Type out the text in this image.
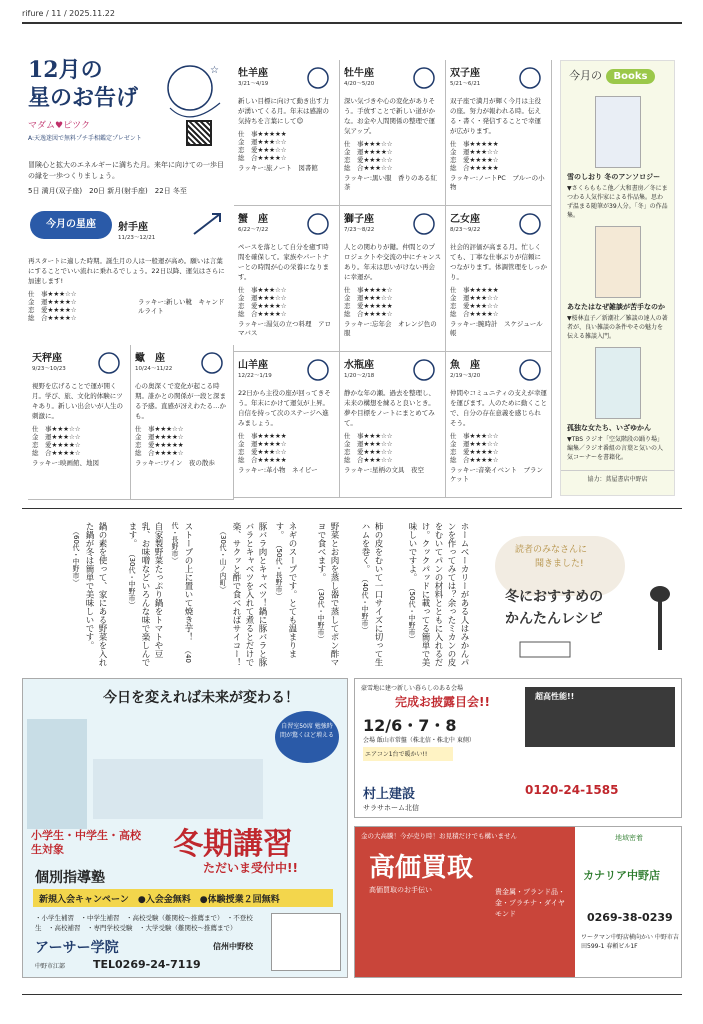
rifure / 11 / 2025.11.22
12月の
星のお告げ
マダム♥ピツク
A:天逸迷図で無料プチ手相鑑定プレゼント
☆
冒険心と拡大のエネルギーに満ちた月。来年に向けての一歩目の縁を一歩つくりましょう。
5日 満月(双子座)　20日 新月(射手座)　22日 冬至
今月の星座	射手座
11/23〜12/21
再スタートに適した時期。誕生月の人は一般運が高め。願いは言葉にすることでいい流れに乗れるでしょう。22日以降、運気はさらに加速します!
仕　事★★★☆☆
金　運★★★★☆
恋　愛★★★★☆
総　合★★★★☆
ラッキー:新しい靴　キャンドルライト
牡羊座
3/21〜4/19
新しい目標に向けて動き出す力が湧いてくる月。年末は感謝の気持ちを言葉にして☺
仕　事★★★★★
金　運★★★☆☆
恋　愛★★★☆☆
総　合★★★★☆
ラッキー:旅ノート　図書館
牡牛座
4/20〜5/20
深い気づきや心の変化がありそう。手放すことで新しい道がかな。お金や人間関係の整理で運気アップ。
仕　事★★★☆☆
金　運★★★★☆
恋　愛★★★☆☆
総　合★★★☆☆
ラッキー:黒い服　香りのある紅茶
双子座
5/21〜6/21
双子座で満月が輝く今月は主役の座。努力が報われる時。伝える・書く・発信することで幸運が広がります。
仕　事★★★★★
金　運★★★☆☆
恋　愛★★★★☆
総　合★★★★★
ラッキー:ノートPC　ブルーの小物
蟹　座
6/22〜7/22
ペースを落として自分を癒す時間を確保して。家族やパートナーとの時間が心の栄養になります。
仕　事★★★☆☆
金　運★★★☆☆
恋　愛★★★★☆
総　合★★★★☆
ラッキー:湯気の立つ料理　アロマバス
獅子座
7/23〜8/22
人との関わりが鍵。仲間とのプロジェクトや交流の中にチャンスあり。年末は思いがけない再会に幸運が。
仕　事★★★★☆
金　運★★★☆☆
恋　愛★★★★★
総　合★★★★☆
ラッキー:忘年会　オレンジ色の服
乙女座
8/23〜9/22
社会的評価が高まる月。忙しくても、丁寧な仕事ぶりが信頼につながります。体調管理をしっかり。
仕　事★★★★★
金　運★★★☆☆
恋　愛★★★☆☆
総　合★★★★☆
ラッキー:腕時計　スケジュール帳
山羊座
12/22〜1/19
22日から主役の座が回ってきそう。年末にかけて運気が上昇。自信を持って次のステージへ進みましょう。
仕　事★★★★★
金　運★★★★☆
恋　愛★★★☆☆
総　合★★★★★
ラッキー:革小物　ネイビー
水瓶座
1/20〜2/18
静かな年の瀬。過去を整理し、未来の構想を練ると良いとき。夢や目標をノートにまとめてみて。
仕　事★★★☆☆
金　運★★★☆☆
恋　愛★★★☆☆
総　合★★★☆☆
ラッキー:星柄の文具　夜空
魚　座
2/19〜3/20
仲間やコミュニティの支えが幸運を運びます。人のために動くことで、自分の存在意義を感じられそう。
仕　事★★★☆☆
金　運★★★☆☆
恋　愛★★★★☆
総　合★★★★☆
ラッキー:音楽イベント　ブランケット
天秤座
9/23〜10/23
視野を広げることで運が開く月。学び、旅、文化的体験にツキあり。新しい出会いが人生の刺激に。
仕　事★★★☆☆
金　運★★★☆☆
恋　愛★★★★☆
総　合★★★★☆
ラッキー:映画館、地図
蠍　座
10/24〜11/22
心の奥深くで変化が起こる時期。誰かとの関係が一段と深まる予感。直感が冴えわたる…かも。
仕　事★★★☆☆
金　運★★★★☆
恋　愛★★★★★
総　合★★★★☆
ラッキー:ワイン　夜の散歩
今月の Books
雪のしおり 冬のアンソロジー
▼さくらももこ他／大和書房／冬にまつわる人気作家による作品集。思わず温まる随筆が39人分。「冬」の作品集。
あなたはなぜ雑談が苦手なのか
▼桜林直子／新潮社／雑談の達人の著者が、良い雑談の条件やその魅力を伝える雑談入門。
孤独な女たち、いざゆかん
▼TBS ラジオ「空気階段の踊り場」編集／ラジオ番組の言葉と気いの人気コーナーを書籍化。
協力：蔦屋書店中野店
ホームベーカリーがある人はみかんパンを作ってみては？余ったミカンの皮をむいてパンの材料とともに入れるだけ。クックパッドに載ってる簡単で美味しいですよ。（50代・中野市）
柿の皮をむいて一口サイズに切って生ハムを巻く。（40代・中野市）
野菜とお肉を蒸し器で蒸してポン酢マヨで食べます。（30代・中野市）
ネギのスープです。とても温まります。（50代・長野市）
豚バラ肉とキャベツ！鍋に豚バラと豚バラとキャベツを入れて煮るとだけで楽、サクッと酢で食べればサイコー！（30代・山ノ内町）
ストーブの上に置いて焼き芋！（40代・長野市）
自家製野菜たっぷり鍋をトマトや豆乳、お味噌などいろんな味で楽しんでます。（30代・中野市）
鍋の素を使って、家にある野菜を入れた鍋が冬は簡単で美味しいです。（60代・中野市）	読者のみなさんに
聞きました!
冬におすすめの
かんたんレシピ
今日を変えれば未来が変わる！
自習室50席 勉強時間が驚くほど増える
小学生・中学生・高校生対象	冬期講習
個別指導塾
ただいま受付中!!
新規入会キャンペーン　 ●入会金無料　 ●体験授業２回無料
・小学生補習　・中学生補習　・高校受験（難関校〜推薦まで）　・不登校生　・高校補習　・専門学校受験　・大学受験（難関校〜推薦まで）
アーサー学院	信州中野校
中野市江部	TEL0269-24-7119
豪雪地に建つ新しい暮らしのある会場
完成お披露目会!!
12/6・7・8
会場 飯山市常盤（株北信・株北中 東側）
エアコン1台で暖かい!!
超高性能!!
村上建設
サラサホーム北信
0120-24-1585
金の大高騰！今が売り時！お見積だけでも構いません
高価買取
高価買取のお手伝い	貴金属・ブランド品・金・プラチナ・ダイヤモンド
地域密着
カナリア中野店
0269-38-0239
ワークマン中野店横向かい 中野市吉田599-1 春頼ビル1F
